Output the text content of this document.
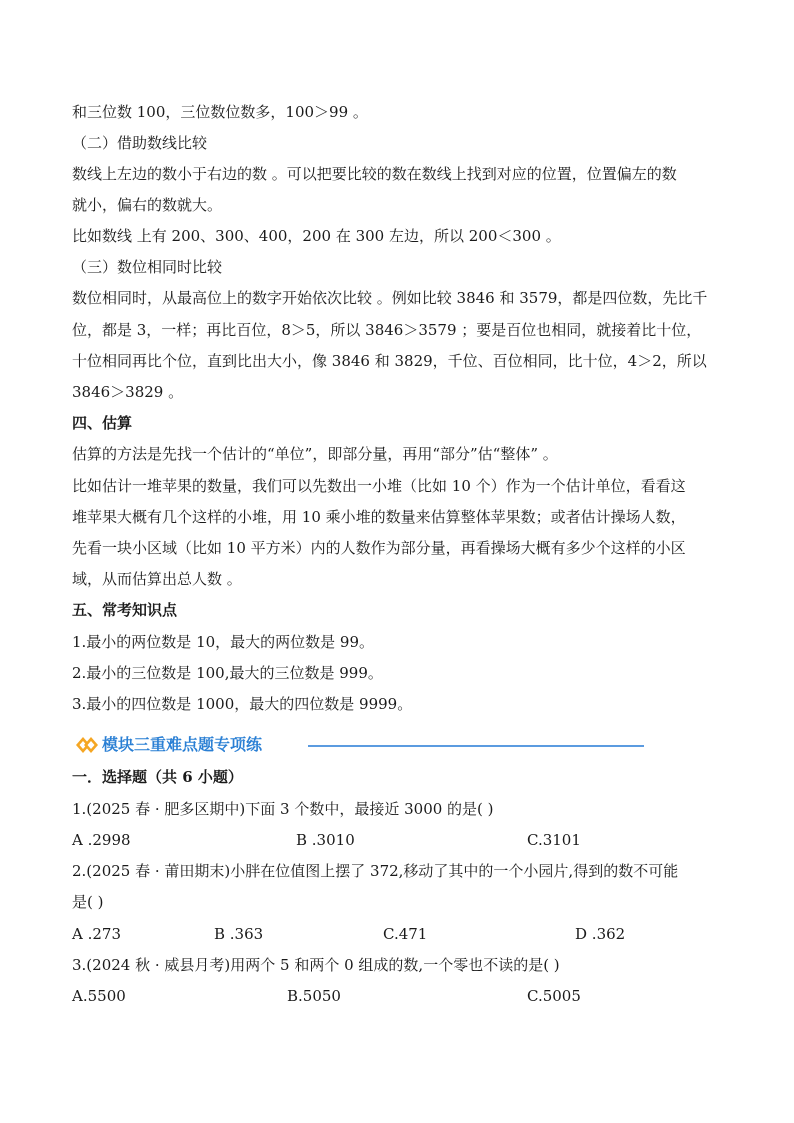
和三位数 100，三位数位数多，100＞99 。
（二）借助数线比较
数线上左边的数小于右边的数 。可以把要比较的数在数线上找到对应的位置，位置偏左的数
就小，偏右的数就大。
比如数线 上有 200、300、400，200 在 300 左边，所以 200＜300 。
（三）数位相同时比较
数位相同时，从最高位上的数字开始依次比较 。例如比较 3846 和 3579，都是四位数，先比千
位，都是 3，一样；再比百位，8＞5，所以 3846＞3579 ；要是百位也相同，就接着比十位，
十位相同再比个位，直到比出大小，像 3846 和 3829，千位、百位相同，比十位，4＞2，所以
3846＞3829 。
四、估算
估算的方法是先找一个估计的“单位”，即部分量，再用“部分”估“整体” 。
比如估计一堆苹果的数量，我们可以先数出一小堆（比如 10 个）作为一个估计单位，看看这
堆苹果大概有几个这样的小堆，用 10 乘小堆的数量来估算整体苹果数；或者估计操场人数，
先看一块小区域（比如 10 平方米）内的人数作为部分量，再看操场大概有多少个这样的小区
域，从而估算出总人数 。
五、常考知识点
1.最小的两位数是 10，最大的两位数是 99。
2.最小的三位数是 100,最大的三位数是 999。
3.最小的四位数是 1000，最大的四位数是 9999。
模块三重难点题专项练
一．选择题（共 6 小题）
1.(2025 春 · 肥多区期中)下面 3 个数中，最接近 3000 的是( )
A .2998	B .3010	C.3101
2.(2025 春 · 莆田期末)小胖在位值图上摆了 372,移动了其中的一个小园片,得到的数不可能
是( )
A .273	B .363	C.471	D .362
3.(2024 秋 · 威县月考)用两个 5 和两个 0 组成的数,一个零也不读的是( )
A.5500	B.5050	C.5005
